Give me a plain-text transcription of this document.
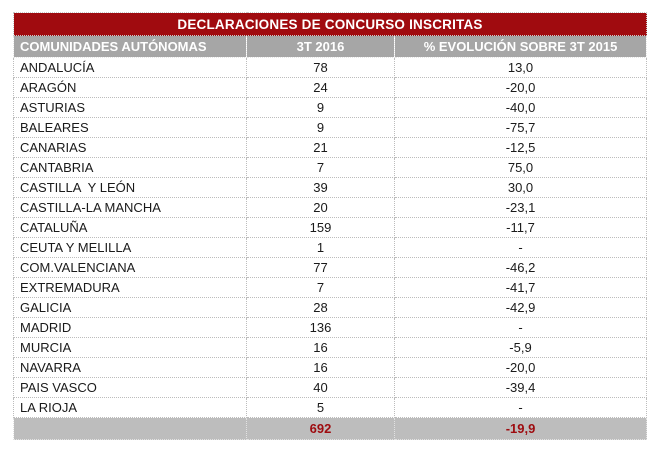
DECLARACIONES DE CONCURSO INSCRITAS		
COMUNIDADES AUTÓNOMAS	3T 2016	% EVOLUCIÓN SOBRE 3T 2015
ANDALUCÍA	78	13,0
ARAGÓN	24	-20,0
ASTURIAS	9	-40,0
BALEARES	9	-75,7
CANARIAS	21	-12,5
CANTABRIA	7	75,0
CASTILLA  Y LEÓN	39	30,0
CASTILLA-LA MANCHA	20	-23,1
CATALUÑA	159	-11,7
CEUTA Y MELILLA	1	-
COM.VALENCIANA	77	-46,2
EXTREMADURA	7	-41,7
GALICIA	28	-42,9
MADRID	136	-
MURCIA	16	-5,9
NAVARRA	16	-20,0
PAIS VASCO	40	-39,4
LA RIOJA	5	-
	692	-19,9
